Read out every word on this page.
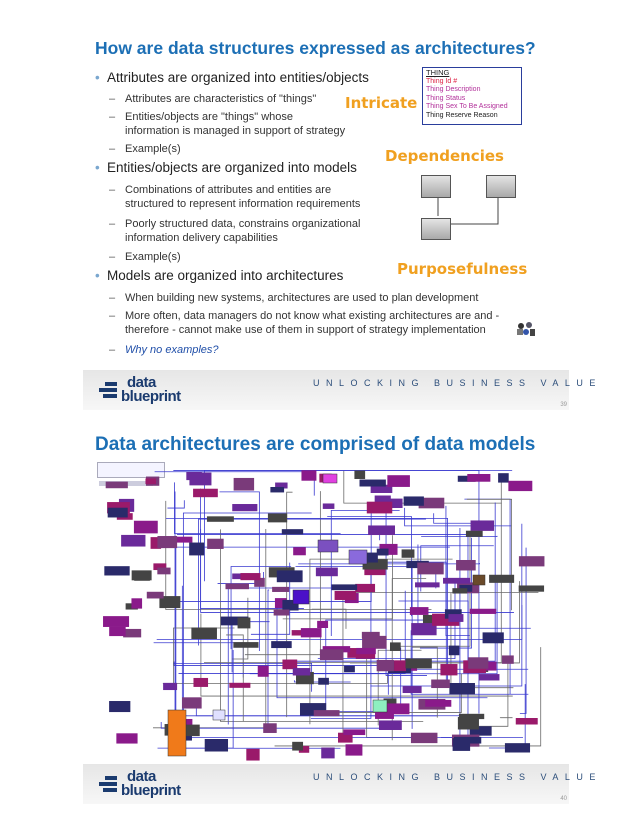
How are data structures expressed as architectures?
• Attributes are organized into entities/objects
– Attributes are characteristics of "things"
– Entities/objects are "things" whose
information is managed in support of strategy
– Example(s)
• Entities/objects are organized into models
– Combinations of attributes and entities are
structured to represent information requirements
– Poorly structured data, constrains organizational
information delivery capabilities
– Example(s)
• Models are organized into architectures
– When building new systems, architectures are used to plan development
– More often, data managers do not know what existing architectures are and -
therefore - cannot make use of them in support of strategy implementation
– Why no examples?
THING
Thing Id #
Thing Description
Thing Status
Thing Sex To Be Assigned
Thing Reserve Reason
Intricate
Dependencies
Purposefulness
data
blueprint
UNLOCKING BUSINESS VALUE
39
Data architectures are comprised of data models
data
blueprint
UNLOCKING BUSINESS VALUE
40
